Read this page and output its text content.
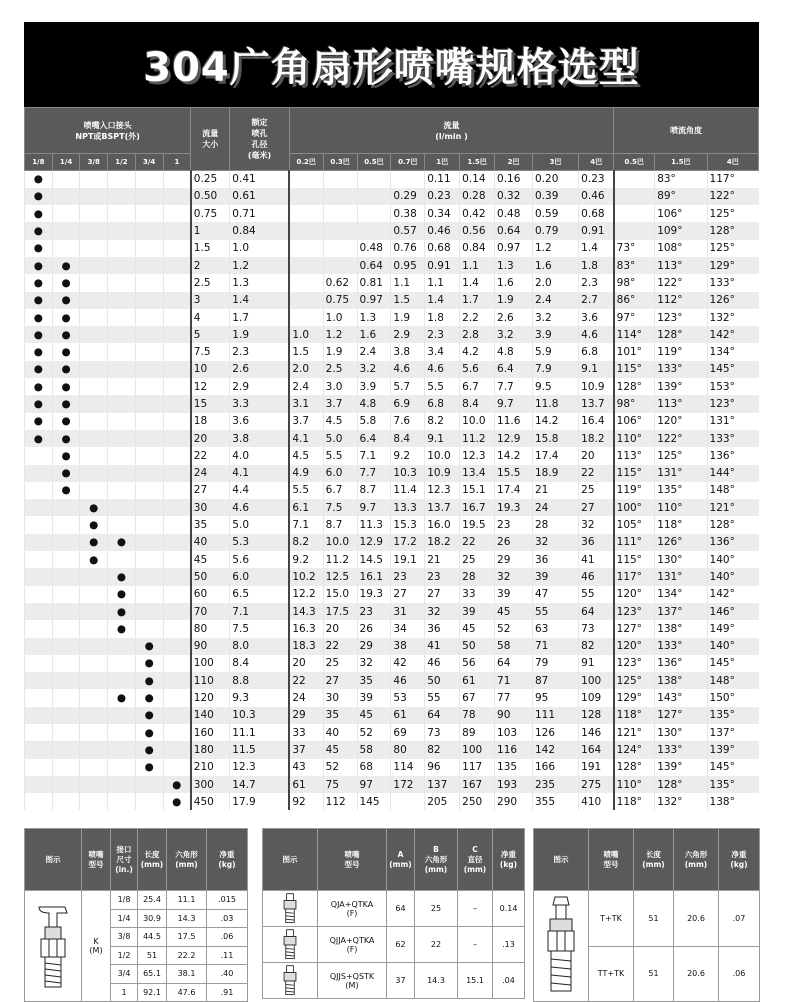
304广角扇形喷嘴规格选型
喷嘴入口接头
NPT或BSPT(外)						流量
大小	额定
喷孔
孔径
(毫米)	流量
(l/min )									喷流角度		
1/8	1/4	3/8	1/2	3/4	1			0.2巴	0.3巴	0.5巴	0.7巴	1巴	1.5巴	2巴	3巴	4巴	0.5巴	1.5巴	4巴
●						0.25	0.41					0.11	0.14	0.16	0.20	0.23		83°	117°
●						0.50	0.61				0.29	0.23	0.28	0.32	0.39	0.46		89°	122°
●						0.75	0.71				0.38	0.34	0.42	0.48	0.59	0.68		106°	125°
●						1	0.84				0.57	0.46	0.56	0.64	0.79	0.91		109°	128°
●						1.5	1.0			0.48	0.76	0.68	0.84	0.97	1.2	1.4	73°	108°	125°
●	●					2	1.2			0.64	0.95	0.91	1.1	1.3	1.6	1.8	83°	113°	129°
●	●					2.5	1.3		0.62	0.81	1.1	1.1	1.4	1.6	2.0	2.3	98°	122°	133°
●	●					3	1.4		0.75	0.97	1.5	1.4	1.7	1.9	2.4	2.7	86°	112°	126°
●	●					4	1.7		1.0	1.3	1.9	1.8	2.2	2.6	3.2	3.6	97°	123°	132°
●	●					5	1.9	1.0	1.2	1.6	2.9	2.3	2.8	3.2	3.9	4.6	114°	128°	142°
●	●					7.5	2.3	1.5	1.9	2.4	3.8	3.4	4.2	4.8	5.9	6.8	101°	119°	134°
●	●					10	2.6	2.0	2.5	3.2	4.6	4.6	5.6	6.4	7.9	9.1	115°	133°	145°
●	●					12	2.9	2.4	3.0	3.9	5.7	5.5	6.7	7.7	9.5	10.9	128°	139°	153°
●	●					15	3.3	3.1	3.7	4.8	6.9	6.8	8.4	9.7	11.8	13.7	98°	113°	123°
●	●					18	3.6	3.7	4.5	5.8	7.6	8.2	10.0	11.6	14.2	16.4	106°	120°	131°
●	●					20	3.8	4.1	5.0	6.4	8.4	9.1	11.2	12.9	15.8	18.2	110°	122°	133°
	●					22	4.0	4.5	5.5	7.1	9.2	10.0	12.3	14.2	17.4	20	113°	125°	136°
	●					24	4.1	4.9	6.0	7.7	10.3	10.9	13.4	15.5	18.9	22	115°	131°	144°
	●					27	4.4	5.5	6.7	8.7	11.4	12.3	15.1	17.4	21	25	119°	135°	148°
		●				30	4.6	6.1	7.5	9.7	13.3	13.7	16.7	19.3	24	27	100°	110°	121°
		●				35	5.0	7.1	8.7	11.3	15.3	16.0	19.5	23	28	32	105°	118°	128°
		●	●			40	5.3	8.2	10.0	12.9	17.2	18.2	22	26	32	36	111°	126°	136°
		●				45	5.6	9.2	11.2	14.5	19.1	21	25	29	36	41	115°	130°	140°
			●			50	6.0	10.2	12.5	16.1	23	23	28	32	39	46	117°	131°	140°
			●			60	6.5	12.2	15.0	19.3	27	27	33	39	47	55	120°	134°	142°
			●			70	7.1	14.3	17.5	23	31	32	39	45	55	64	123°	137°	146°
			●			80	7.5	16.3	20	26	34	36	45	52	63	73	127°	138°	149°
				●		90	8.0	18.3	22	29	38	41	50	58	71	82	120°	133°	140°
				●		100	8.4	20	25	32	42	46	56	64	79	91	123°	136°	145°
				●		110	8.8	22	27	35	46	50	61	71	87	100	125°	138°	148°
			●	●		120	9.3	24	30	39	53	55	67	77	95	109	129°	143°	150°
				●		140	10.3	29	35	45	61	64	78	90	111	128	118°	127°	135°
				●		160	11.1	33	40	52	69	73	89	103	126	146	121°	130°	137°
				●		180	11.5	37	45	58	80	82	100	116	142	164	124°	133°	139°
				●		210	12.3	43	52	68	114	96	117	135	166	191	128°	139°	145°
					●	300	14.7	61	75	97	172	137	167	193	235	275	110°	128°	135°
					●	450	17.9	92	112	145		205	250	290	355	410	118°	132°	138°
图示	喷嘴
型号	接口
尺寸
(in.)	长度
(mm)	六角形
(mm)	净重
(kg)

	K
(M)	1/8	25.4	11.1	.015
		1/4	30.9	14.3	.03
		3/8	44.5	17.5	.06
		1/2	51	22.2	.11
		3/4	65.1	38.1	.40
		1	92.1	47.6	.91
图示	喷嘴
型号	A
(mm)	B
六角形
(mm)	C
直径
(mm)	净重
(kg)

	QJA+QTKA
(F)	64	25	–	0.14

	QJJA+QTKA
(F)	62	22	–	.13

	QJJS+QSTK
(M)	37	14.3	15.1	.04
图示	喷嘴
型号	长度
(mm)	六角形
(mm)	净重
(kg)

	T+TK	51	20.6	.07
	TT+TK	51	20.6	.06
